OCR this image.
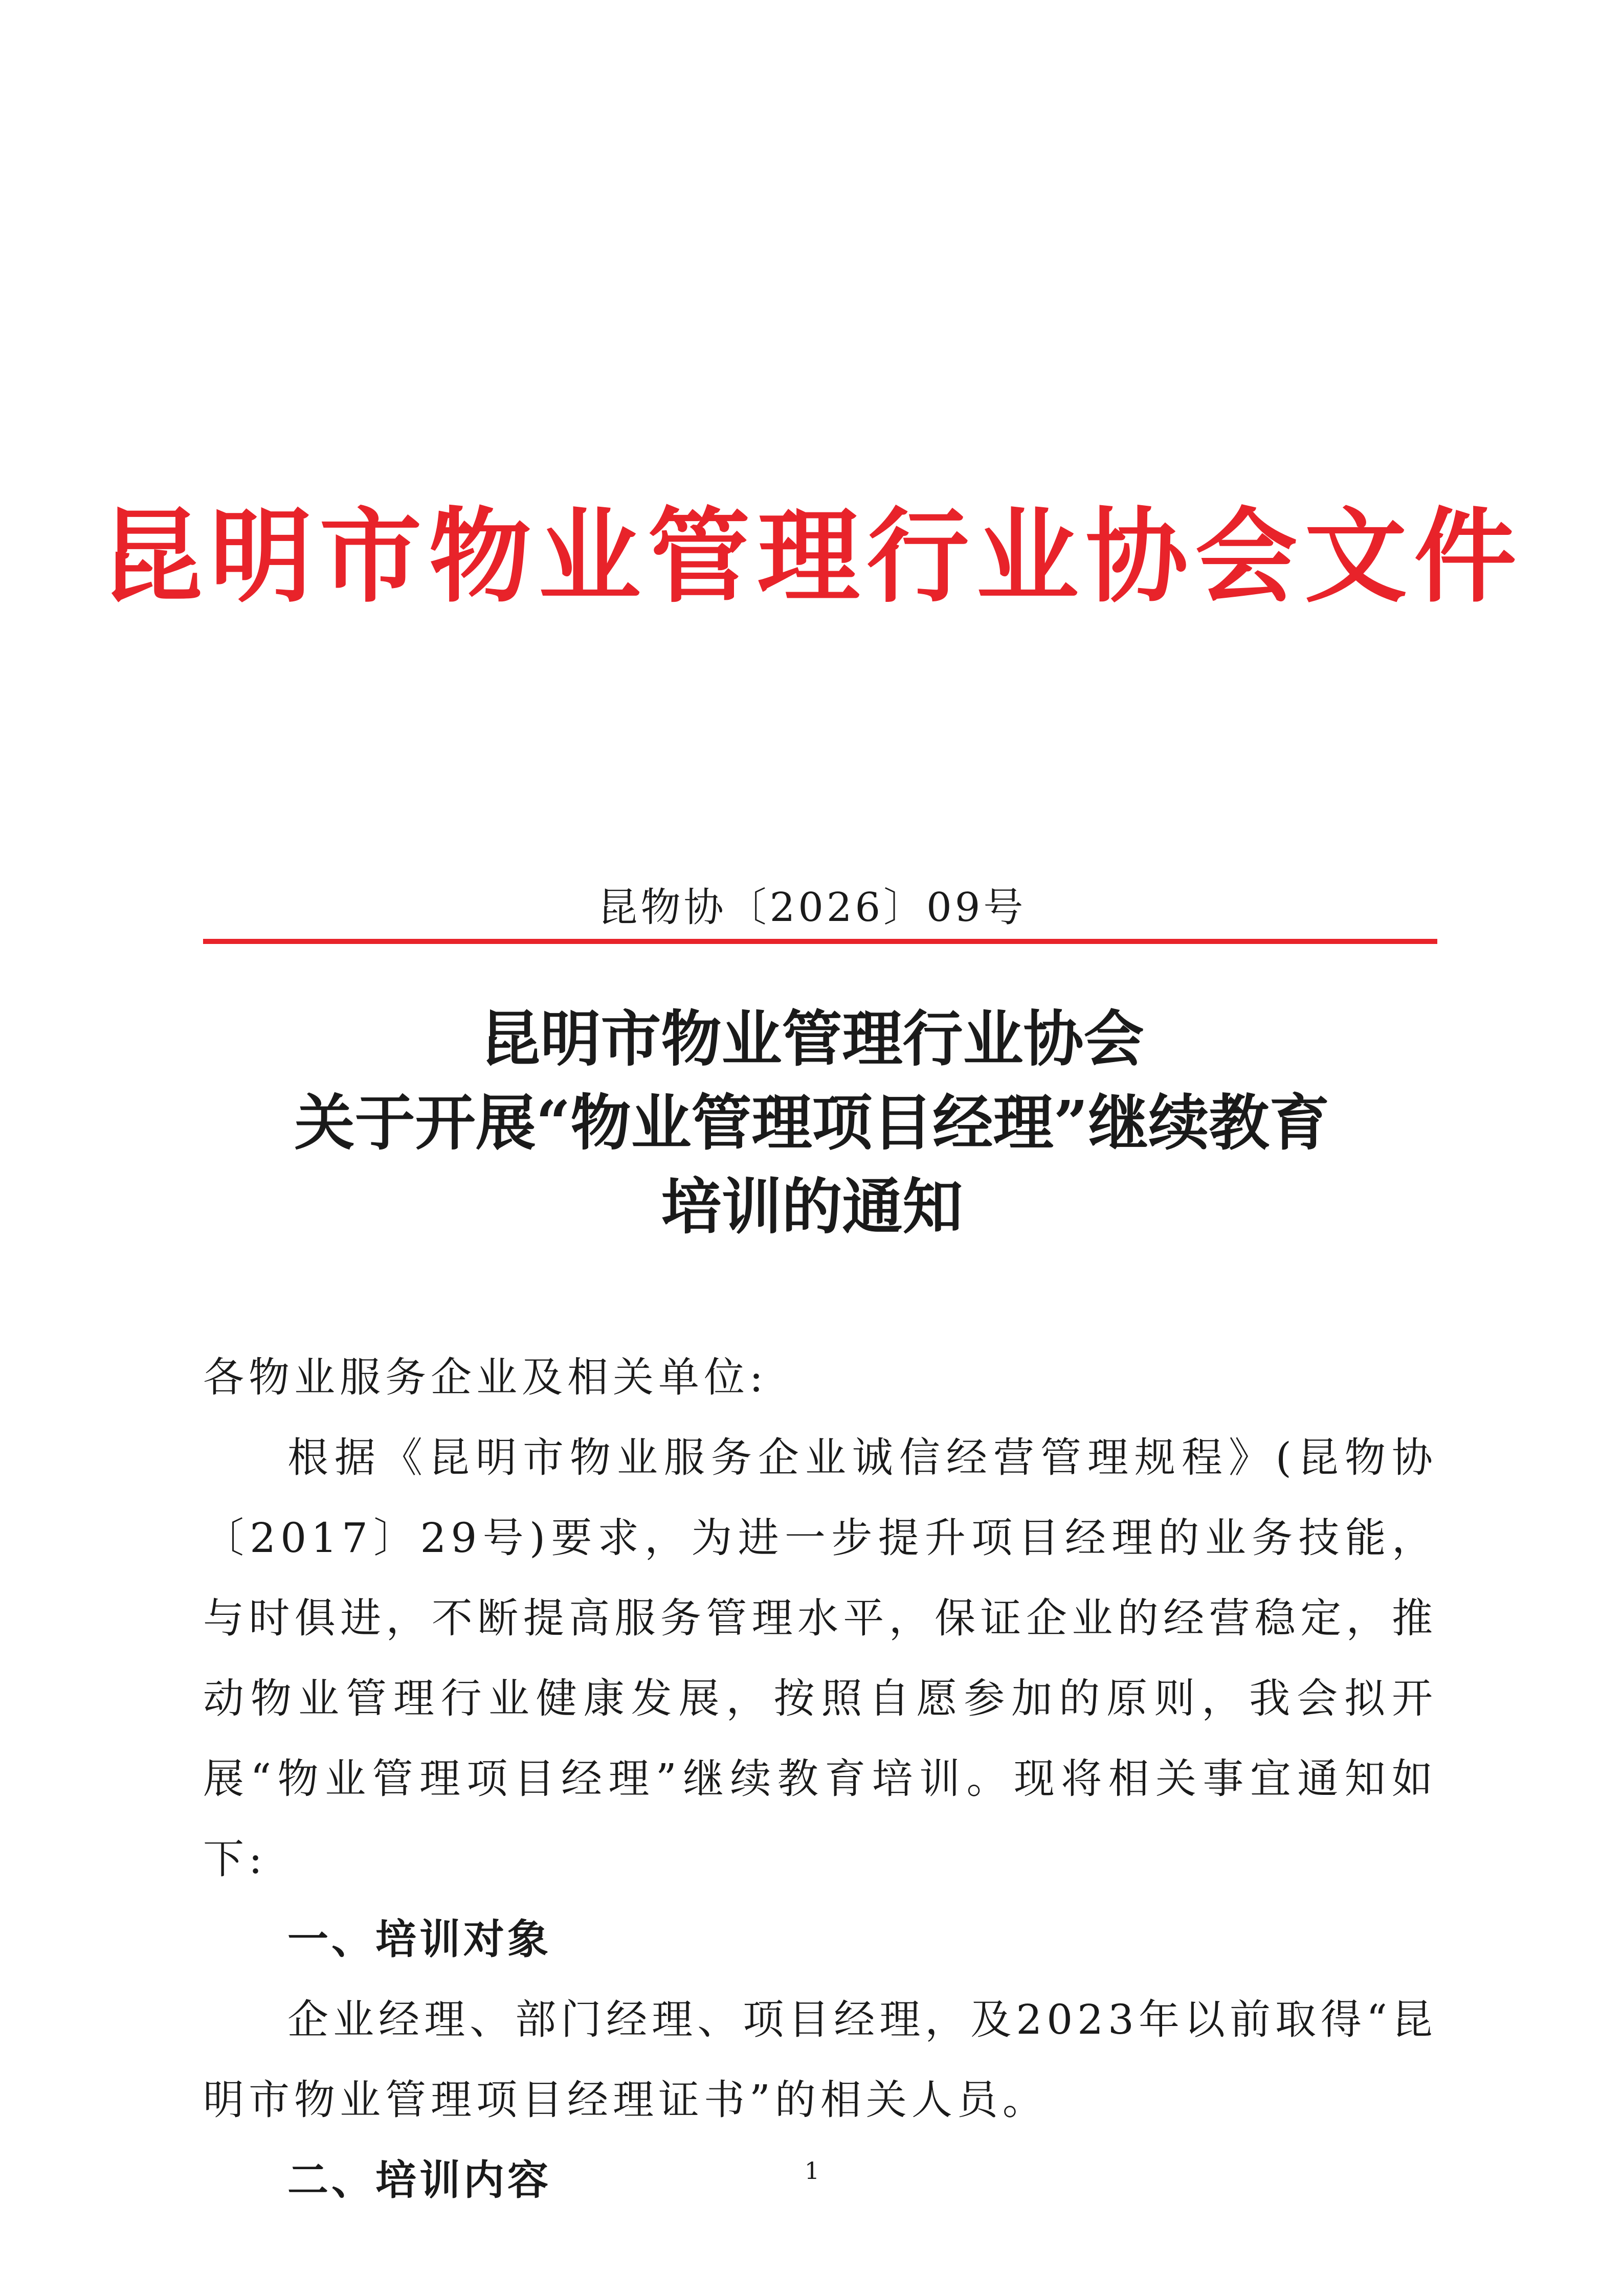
昆明市物业管理行业协会文件
昆物协〔2026〕09号
昆明市物业管理行业协会
关于开展“物业管理项目经理”继续教育
培训的通知

各物业服务企业及相关单位:

根据《昆明市物业服务企业诚信经营管理规程》(昆物协〔2017〕29号)要求，为进一步提升项目经理的业务技能，与时俱进，不断提高服务管理水平，保证企业的经营稳定，推动物业管理行业健康发展，按照自愿参加的原则，我会拟开展“物业管理项目经理”继续教育培训。现将相关事宜通知如下:

一、培训对象

企业经理、部门经理、项目经理，及2023年以前取得“昆明市物业管理项目经理证书”的相关人员。

二、培训内容	1
